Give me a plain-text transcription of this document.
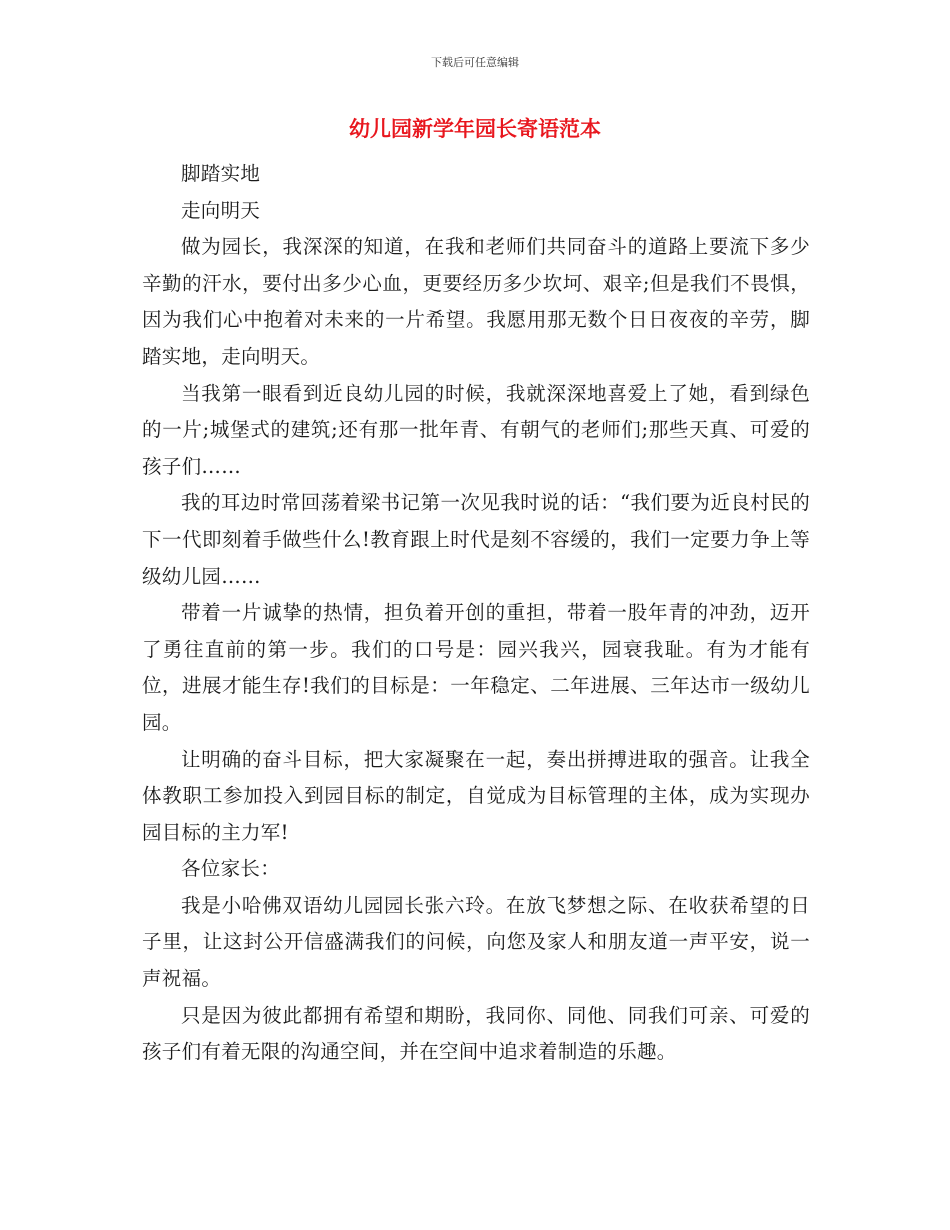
下载后可任意编辑
幼儿园新学年园长寄语范本

脚踏实地

走向明天

做为园长，我深深的知道，在我和老师们共同奋斗的道路上要流下多少辛勤的汗水，要付出多少心血，更要经历多少坎坷、艰辛;但是我们不畏惧，因为我们心中抱着对未来的一片希望。我愿用那无数个日日夜夜的辛劳，脚踏实地，走向明天。

当我第一眼看到近良幼儿园的时候，我就深深地喜爱上了她，看到绿色的一片;城堡式的建筑;还有那一批年青、有朝气的老师们;那些天真、可爱的孩子们……

我的耳边时常回荡着梁书记第一次见我时说的话：“我们要为近良村民的下一代即刻着手做些什么!教育跟上时代是刻不容缓的，我们一定要力争上等级幼儿园……

带着一片诚挚的热情，担负着开创的重担，带着一股年青的冲劲，迈开了勇往直前的第一步。我们的口号是：园兴我兴，园衰我耻。有为才能有位，进展才能生存!我们的目标是：一年稳定、二年进展、三年达市一级幼儿园。

让明确的奋斗目标，把大家凝聚在一起，奏出拼搏进取的强音。让我全体教职工参加投入到园目标的制定，自觉成为目标管理的主体，成为实现办园目标的主力军!

各位家长：

我是小哈佛双语幼儿园园长张六玲。在放飞梦想之际、在收获希望的日子里，让这封公开信盛满我们的问候，向您及家人和朋友道一声平安，说一声祝福。

只是因为彼此都拥有希望和期盼，我同你、同他、同我们可亲、可爱的孩子们有着无限的沟通空间，并在空间中追求着制造的乐趣。
